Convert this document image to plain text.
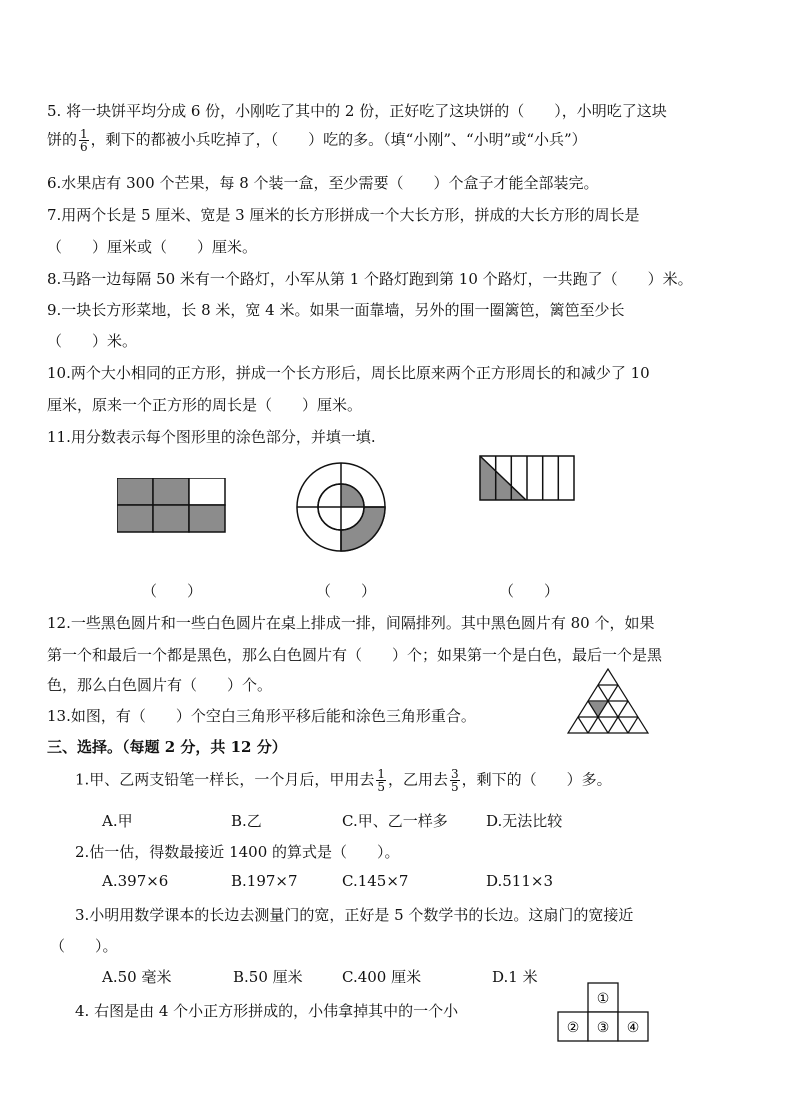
5. 将一块饼平均分成 6 份，小刚吃了其中的 2 份，正好吃了这块饼的（　　），小明吃了这块
饼的 $\frac{1}{6}$ ，剩下的都被小兵吃掉了，（　　）吃的多。（填“小刚”、“小明”或“小兵”）
6.水果店有 300 个芒果，每 8 个装一盒，至少需要（　　）个盒子才能全部装完。
7.用两个长是 5 厘米、宽是 3 厘米的长方形拼成一个大长方形，拼成的大长方形的周长是
（　　）厘米或（　　）厘米。
8.马路一边每隔 50 米有一个路灯，小军从第 1 个路灯跑到第 10 个路灯，一共跑了（　　）米。
9.一块长方形菜地，长 8 米，宽 4 米。如果一面靠墙，另外的围一圈篱笆，篱笆至少长
（　　）米。
10.两个大小相同的正方形，拼成一个长方形后，周长比原来两个正方形周长的和减少了 10
厘米，原来一个正方形的周长是（　　）厘米。
11.用分数表示每个图形里的涂色部分，并填一填.
（　　）	（　　）	（　　）
12.一些黑色圆片和一些白色圆片在桌上排成一排，间隔排列。其中黑色圆片有 80 个，如果
第一个和最后一个都是黑色，那么白色圆片有（　　）个；如果第一个是白色，最后一个是黑
色，那么白色圆片有（　　）个。
13.如图，有（　　）个空白三角形平移后能和涂色三角形重合。
三、选择。（每题 2 分，共 12 分）
1.甲、乙两支铅笔一样长，一个月后，甲用去 $\frac{1}{5}$ ，乙用去 $\frac{3}{5}$ ，剩下的（　　）多。
A.甲	B.乙	C.甲、乙一样多	D.无法比较
2.估一估，得数最接近 1400 的算式是（　　）。
A.397×6	B.197×7	C.145×7	D.511×3
3.小明用数学课本的长边去测量门的宽，正好是 5 个数学书的长边。这扇门的宽接近
（　　）。
A.50 毫米	B.50 厘米	C.400 厘米	D.1 米
4. 右图是由 4 个小正方形拼成的，小伟拿掉其中的一个小
①
② ③ ④
